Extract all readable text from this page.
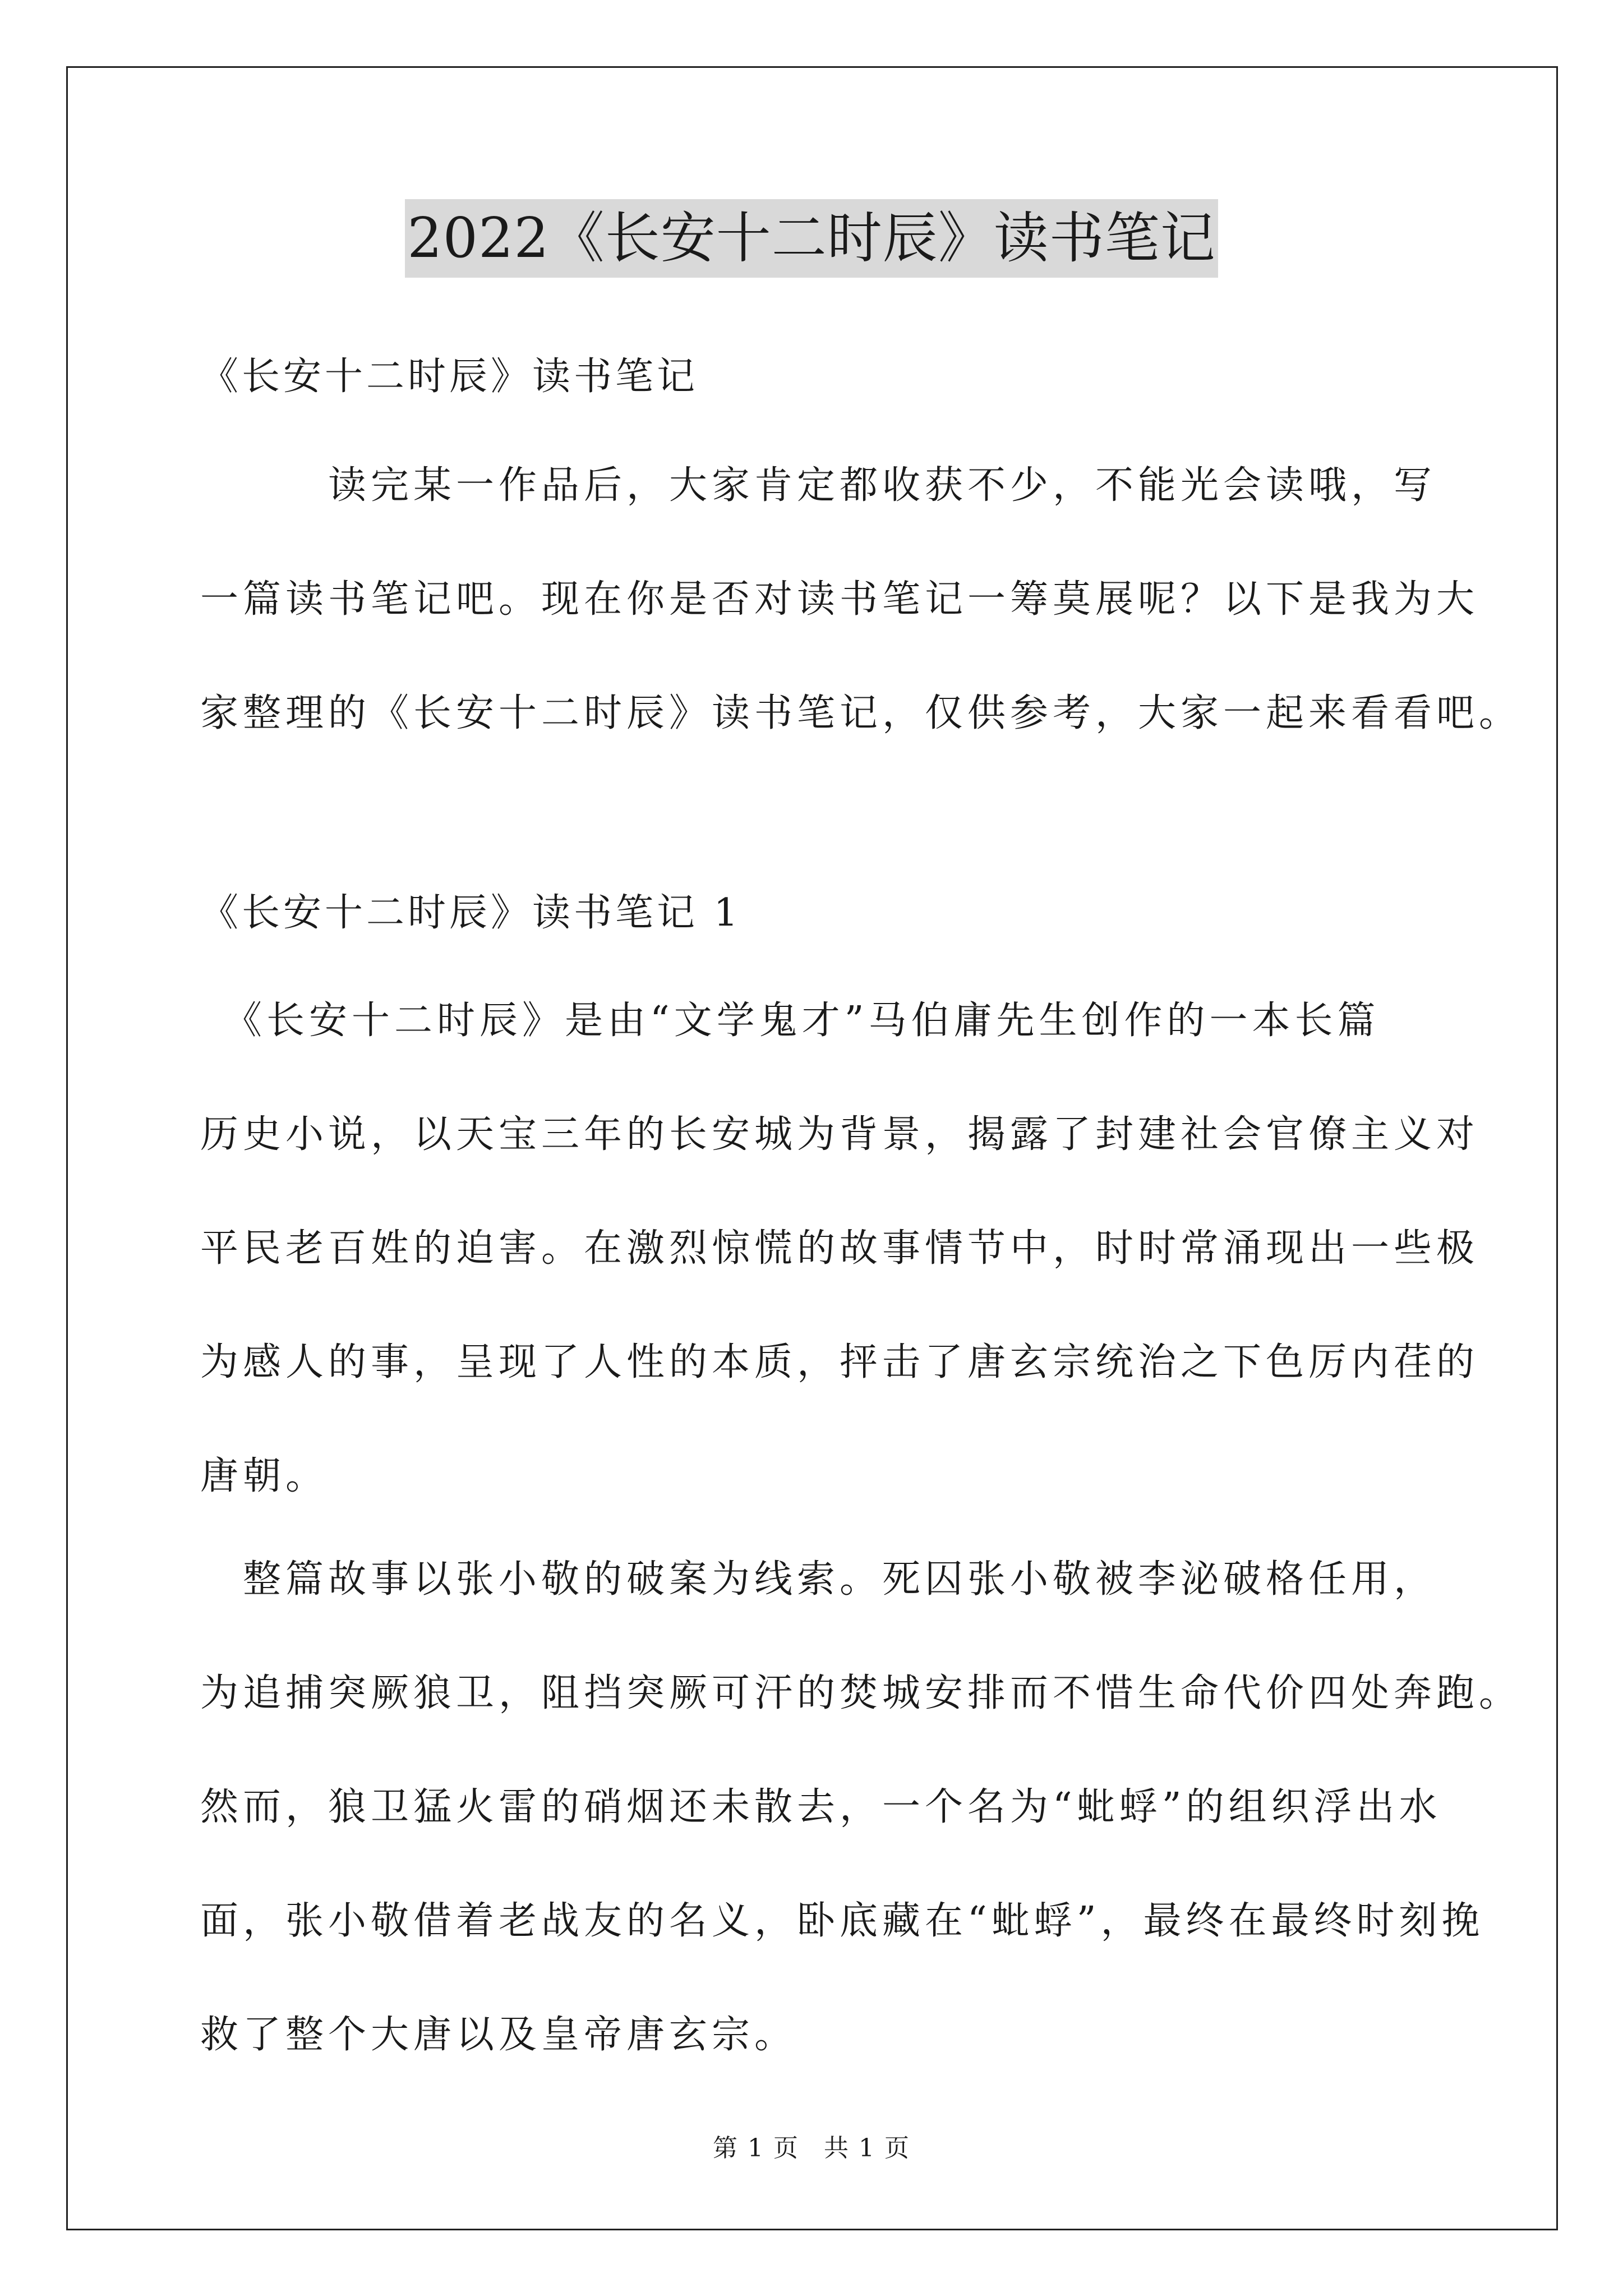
2022《长安十二时辰》读书笔记
《长安十二时辰》读书笔记
　　　读完某一作品后，大家肯定都收获不少，不能光会读哦，写
一篇读书笔记吧。现在你是否对读书笔记一筹莫展呢？以下是我为大
家整理的《长安十二时辰》读书笔记，仅供参考，大家一起来看看吧。
《长安十二时辰》读书笔记 1
　《长安十二时辰》是由“文学鬼才”马伯庸先生创作的一本长篇
历史小说，以天宝三年的长安城为背景，揭露了封建社会官僚主义对
平民老百姓的迫害。在激烈惊慌的故事情节中，时时常涌现出一些极
为感人的事，呈现了人性的本质，抨击了唐玄宗统治之下色厉内荏的
唐朝。
　整篇故事以张小敬的破案为线索。死囚张小敬被李泌破格任用，
为追捕突厥狼卫，阻挡突厥可汗的焚城安排而不惜生命代价四处奔跑。
然而，狼卫猛火雷的硝烟还未散去，一个名为“蚍蜉”的组织浮出水
面，张小敬借着老战友的名义，卧底藏在“蚍蜉”，最终在最终时刻挽
救了整个大唐以及皇帝唐玄宗。
第 1 页 共 1 页
